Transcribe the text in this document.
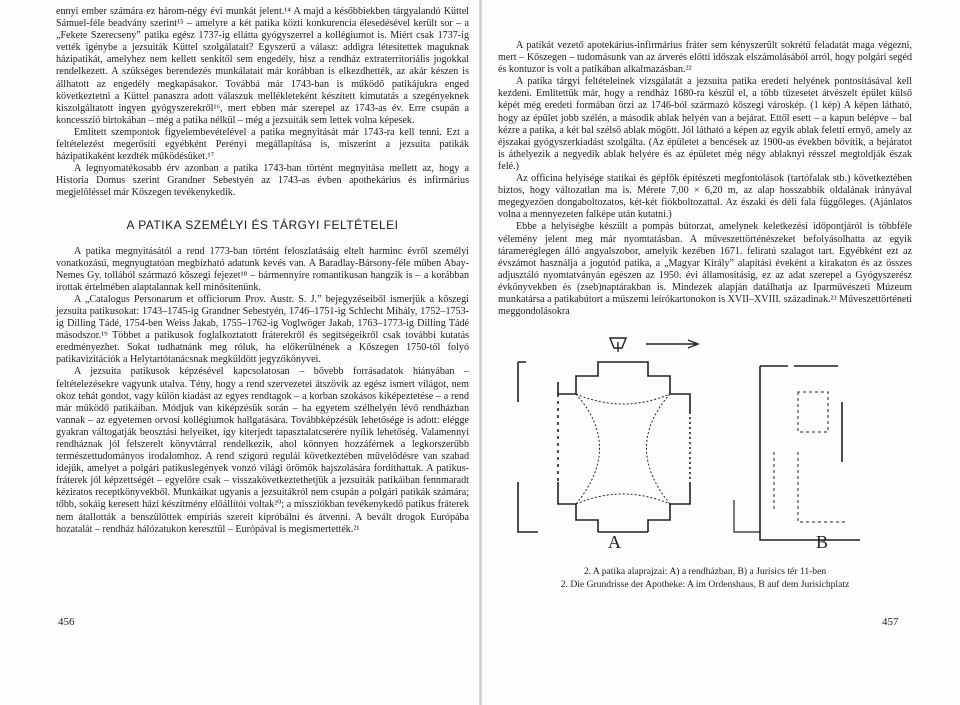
ennyi ember számára ez három-négy évi munkát jelent.¹⁴ A majd a későbbiekben tárgyalandó Küttel Sámuel-féle beadvány szerint¹⁵ – amelyre a két patika közti konkurencia élesedésével került sor – a „Fekete Szerecseny” patika egész 1737-ig ellátta gyógyszerrel a kollégiumot is. Miért csak 1737-ig vették igénybe a jezsuiták Küttel szolgálatait? Egyszerű a válasz: addigra létesítettek maguknak házipatikát, amelyhez nem kellett senkitől sem engedély, hisz a rendház extraterritoriális jogokkal rendelkezett. A szükséges berendezés munkálatait már korábban is elkezdhették, az akár készen is állhatott az engedély megkapásakor. Továbbá már 1743-ban is működő patikájukra enged következtetni a Küttel panaszra adott válaszuk mellékleteként készített kimutatás a szegényeknek kiszolgáltatott ingyen gyógyszerekről¹⁶, mert ebben már szerepel az 1743-as év. Erre csupán a koncesszió birtokában – még a patika nélkül – még a jezsuiták sem lettek volna képesek.

Emlitett szempontok figyelembevételével a patika megnyitását már 1743-ra kell tenni. Ezt a feltételezést megerősíti egyébként Perényi megállapítása is, miszerint a jezsuita patikák házipatikaként kezdték működésüket.¹⁷

A legnyomatékosabb érv azonban a patika 1743-ban történt megnyitása mellett az, hogy a Historia Domus szerint Grandner Sebestyén az 1743-as évben apothekárius és infirmárius megjelöléssel már Kőszegen tevékenykedik.

A PATIKA SZEMÉLYI ÉS TÁRGYI FELTÉTELEI

A patika megnyitásától a rend 1773-ban történt feloszlatásáig eltelt harminc évről személyi vonatkozású, megnyugtatóan megbízható adatunk kevés van. A Baradlay-Bársony-féle műben Abay-Nemes Gy. tollából származó kőszegi fejezet¹⁸ – bármennyire romantikusan hangzik is – a korábban írottak értelmében alaptalannak kell minősítenünk.

A „Catalogus Personarum et officiorum Prov. Austr. S. J.” bejegyzéseiből ismerjük a kőszegi jezsuita patikusokat: 1743–1745-ig Grandner Sebestyén, 1746–1751-ig Schlecht Mihály, 1752–1753-ig Dilling Tádé, 1754-ben Weiss Jakab, 1755–1762-ig Voglwöger Jakab, 1763–1773-ig Dilling Tádé másodszor.¹⁹ Többet a patikusok foglalkoztatott fráterekről és segítségeikről csak további kutatás eredményezhet. Sokat tudhatnánk meg róluk, ha előkerülnének a Kőszegen 1750-től folyó patikavizitációk a Helytartótanácsnak megküldött jegyzőkönyvei.

A jezsuita patikusok képzésével kapcsolatosan – bővebb forrásadatok hiányában – feltételezésekre vagyunk utalva. Tény, hogy a rend szervezetei átszövik az egész ismert világot, nem okoz tehát gondot, vagy külön kiadást az egyes rendtagok – a korban szokásos kiképeztetése – a rend már működő patikáiban. Módjuk van kiképzésük során – ha egyetem szélhelyén lévő rendházban vannak – az egyetemen orvosi kollégiumok hallgatására. Továbbképzésük lehetősége is adott: elégge gyakran váltogatják beosztási helyeiket, így kiterjedt tapasztalatcserére nyílik lehetőség. Valamennyi rendháznak jól felszerelt könyvtárral rendelkezik, ahol könnyen hozzáférnek a legkorszerűbb természettudományos irodalomhoz. A rend szigorú regulái következtében művelődésre van szabad idejük, amelyet a polgári patikuslegények vonzó világi örömök hajszolására fordíthattak. A patikus-fráterek jól képzettségét – egyelőre csak – visszakövetkeztethetjük a jezsuiták patikáiban fennmaradt kéziratos receptkönyvekből. Munkáikat ugyanis a jezsuitákról nem csupán a polgári patikák számára; tőbb, sokáig keresett házi készítmény előállítói voltak²⁰; a missziókban tevékenykedő patikus fráterek nem átallották a benszülöttek empíriás szereit kipróbálni és átvenni. A bevált drogok Európába hozatalát – rendház hálózatukon keresztül – Európával is megismertették.²¹

456

A patikát vezető apotekárius-infirmárius fráter sem kényszerült sokrétű feladatát maga végezni, mert – Kőszegen – tudomásunk van az árverés előtti időszak elszámolásából arról, hogy polgári segéd és kontuzor is volt a patikában alkalmazásban.²²

A patika tárgyi feltételeinek vizsgálatát a jezsuita patika eredeti helyének pontosításával kell kezdeni. Emlitettük már, hogy a rendház 1680-ra készül el, a több tűzesetet átvészelt épület külső képét még eredeti formában őrzi az 1746-ból származó kőszegi városkép. (1 kép) A képen látható, hogy az épület jobb szélén, a második ablak helyén van a bejárat. Ettől esett – a kapun belépve – bal kézre a patika, a két bal szélső ablak mögött. Jól látható a képen az egyik ablak feletti ernyő, amely az éjszakai gyógyszerkiadást szolgálta. (Az épületet a bencések az 1900-as években bővítik, a bejáratot is áthelyezik a negyedik ablak helyére és az épületet még négy ablaknyi résszel megtoldják észak felé.)

Az officina helyisége statikai és gépfők építészeti megfontolások (tartófalak stb.) következtében biztos, hogy változatlan ma is. Mérete 7,00 × 6,20 m, az alap hosszabbik oldalának irányával megegyezően dongaboltozatos, két-két fiókboltozattal. Az északi és déli fala függőleges. (Ajánlatos volna a mennyezeten falképe után kutatni.)

Ebbe a helyiségbe készült a pompás bútorzat, amelynek keletkezési időpontjáról is többféle vélemény jelent meg már nyomtatásban. A műveszettörténészeket befolyásolhatta az egyik tárameréglegen álló angyalszobor, amelyik kezében 1671. feliratú szalagot tart. Egyébként ezt az évszámot használja a jogutód patika, a „Magyar Király” alapítási éveként a kirakaton és az összes adjusztáló nyomtatványán egészen az 1950. évi államosításig, ez az adat szerepel a Gyógyszerész évkönyvekben és (zseb)naptárakban is. Mindezek alapján datálhatja az Iparművészeti Múzeum munkatársa a patikabútort a műszemi leírókartonokon is XVII–XVIII. századinak.²³ Műveszettörténeti meggondolásokra

A	B
2. A patika alaprajzai: A) a rendházban, B) a Jurisics tér 11-ben
2. Die Grundrisse der Apotheke: A im Ordenshaus, B auf dem Jurisichplatz
457
